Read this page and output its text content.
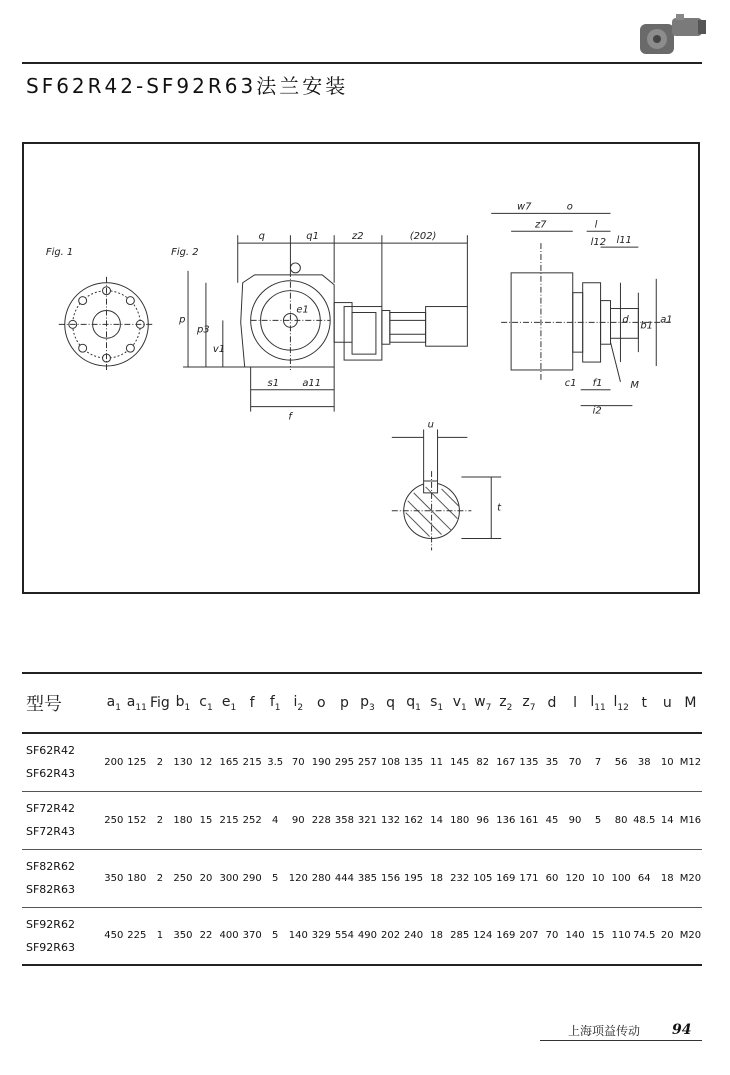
SF62R42-SF92R63法兰安装
Fig. 1	Fig. 2
q	q1	z2	(202)
p
p3
v1
s1 a11
f
e1
w7	o
z7	l
l12 l11
d
b1
a1
c1 f1
i2
M
u
t
型号	$a_1$	$a_{11}$	Fig	$b_1$	$c_1$	$e_1$	f	$f_1$	$i_2$	o	p	$p_3$	q	$q_1$	$s_1$	$v_1$	$w_7$	$z_2$	$z_7$	d	l	$l_{11}$	$l_{12}$	t	u	M

SF62R42
SF62R43	200	125	2	130	12	165	215	3.5	70	190	295	257	108	135	11	145	82	167	135	35	70	7	56	38	10	M12

SF72R42
SF72R43	250	152	2	180	15	215	252	4	90	228	358	321	132	162	14	180	96	136	161	45	90	5	80	48.5	14	M16

SF82R62
SF82R63	350	180	2	250	20	300	290	5	120	280	444	385	156	195	18	232	105	169	171	60	120	10	100	64	18	M20

SF92R62
SF92R63	450	225	1	350	22	400	370	5	140	329	554	490	202	240	18	285	124	169	207	70	140	15	110	74.5	20	M20
上海项益传动 94
